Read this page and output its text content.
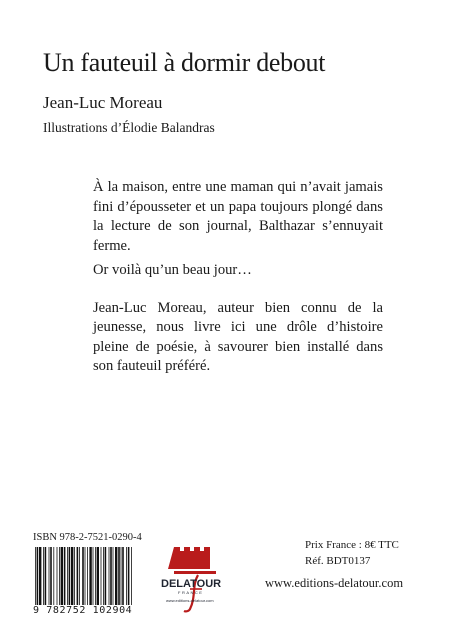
Un fauteuil à dormir debout
Jean-Luc Moreau
Illustrations d’Élodie Balandras

À la maison, entre une maman qui n’avait jamais fini d’épousseter et un papa toujours plongé dans la lecture de son journal, Balthazar s’ennuyait ferme.

Or voilà qu’un beau jour…

Jean-Luc Moreau, auteur bien connu de la jeunesse, nous livre ici une drôle d’histoire pleine de poésie, à savourer bien installé dans son fauteuil préféré.

ISBN 978-2-7521-0290-4
9 782752 102904
DELATOUR
FRANCE
www.editions-delatour.com
Prix France : 8€ TTC
Réf. BDT0137
www.editions-delatour.com
